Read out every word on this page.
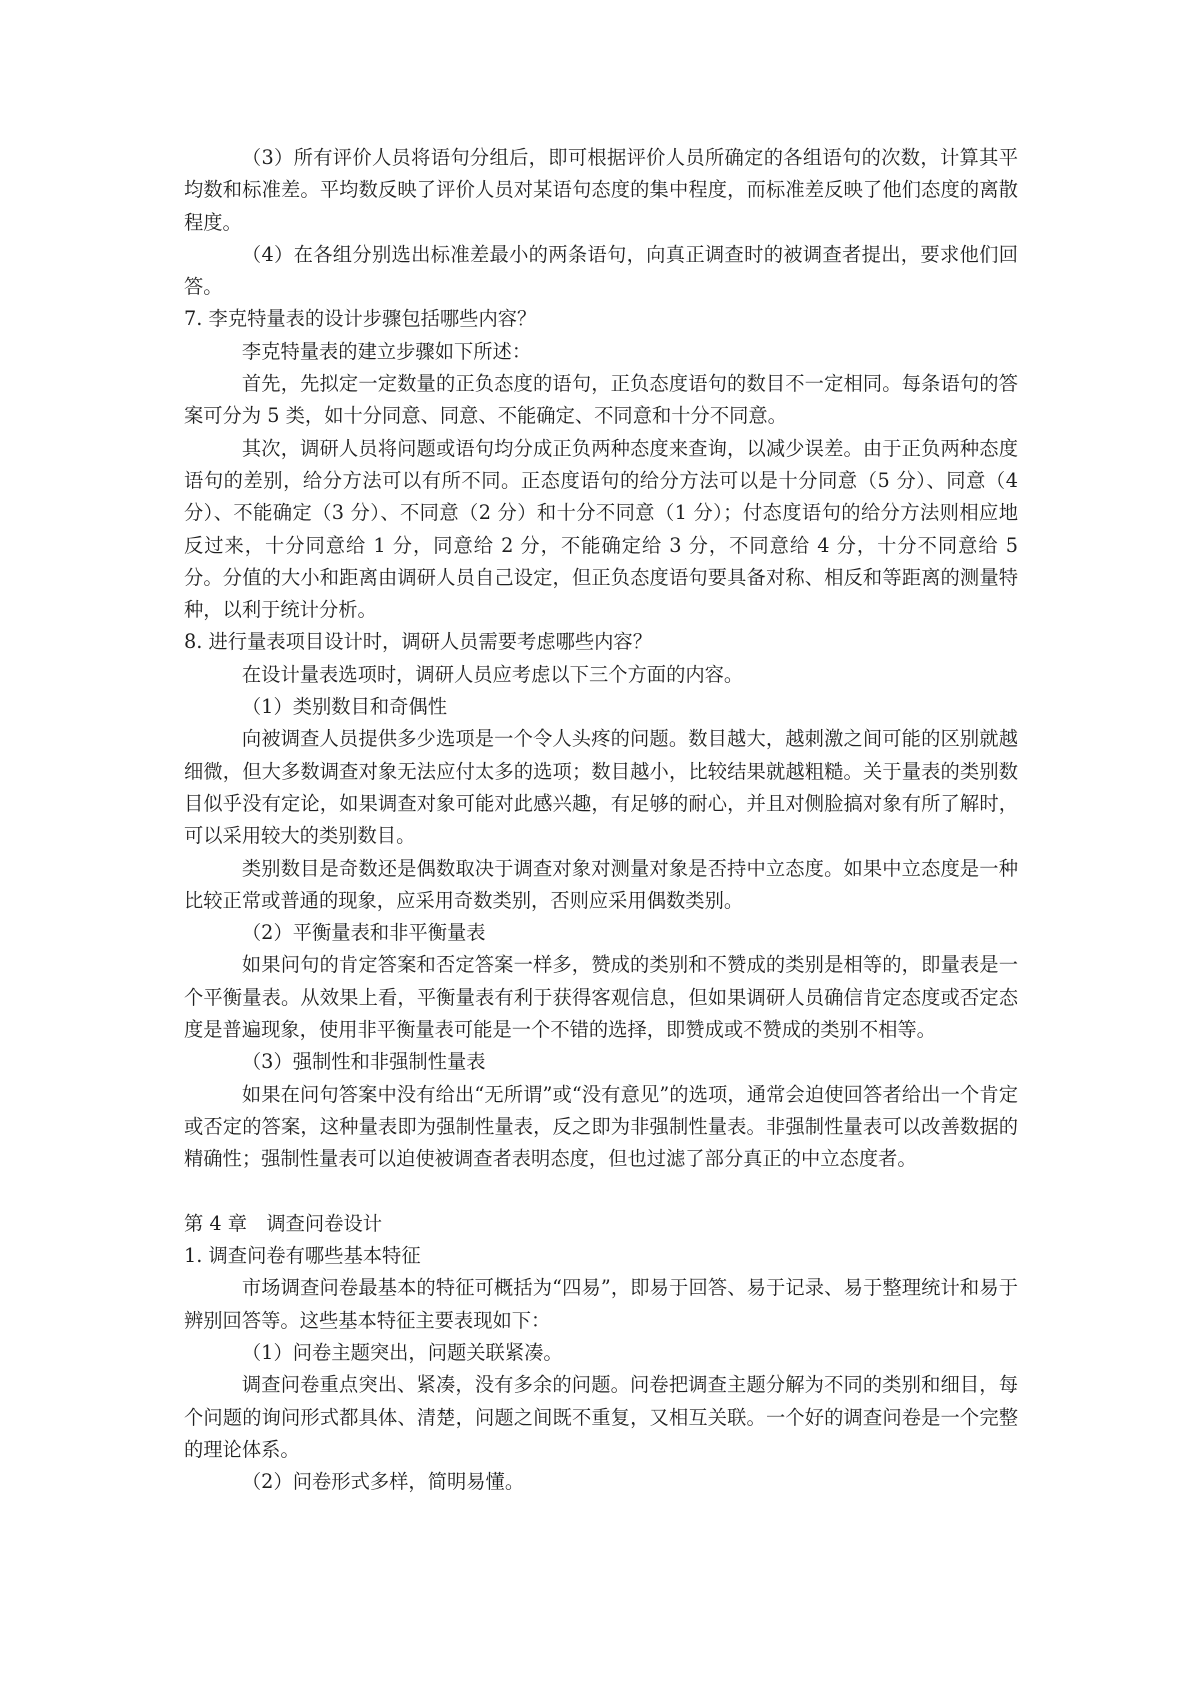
（3）所有评价人员将语句分组后，即可根据评价人员所确定的各组语句的次数，计算其平均数和标准差。平均数反映了评价人员对某语句态度的集中程度，而标准差反映了他们态度的离散程度。

（4）在各组分别选出标准差最小的两条语句，向真正调查时的被调查者提出，要求他们回答。

7. 李克特量表的设计步骤包括哪些内容？

李克特量表的建立步骤如下所述：

首先，先拟定一定数量的正负态度的语句，正负态度语句的数目不一定相同。每条语句的答案可分为 5 类，如十分同意、同意、不能确定、不同意和十分不同意。

其次，调研人员将问题或语句均分成正负两种态度来查询，以减少误差。由于正负两种态度语句的差别，给分方法可以有所不同。正态度语句的给分方法可以是十分同意（5 分）、同意（4 分）、不能确定（3 分）、不同意（2 分）和十分不同意（1 分）；付态度语句的给分方法则相应地反过来，十分同意给 1 分，同意给 2 分，不能确定给 3 分，不同意给 4 分，十分不同意给 5 分。分值的大小和距离由调研人员自己设定，但正负态度语句要具备对称、相反和等距离的测量特种，以利于统计分析。

8. 进行量表项目设计时，调研人员需要考虑哪些内容？

在设计量表选项时，调研人员应考虑以下三个方面的内容。

（1）类别数目和奇偶性

向被调查人员提供多少选项是一个令人头疼的问题。数目越大，越刺激之间可能的区别就越细微，但大多数调查对象无法应付太多的选项；数目越小，比较结果就越粗糙。关于量表的类别数目似乎没有定论，如果调查对象可能对此感兴趣，有足够的耐心，并且对侧脸搞对象有所了解时，可以采用较大的类别数目。

类别数目是奇数还是偶数取决于调查对象对测量对象是否持中立态度。如果中立态度是一种比较正常或普通的现象，应采用奇数类别，否则应采用偶数类别。

（2）平衡量表和非平衡量表

如果问句的肯定答案和否定答案一样多，赞成的类别和不赞成的类别是相等的，即量表是一个平衡量表。从效果上看，平衡量表有利于获得客观信息，但如果调研人员确信肯定态度或否定态度是普遍现象，使用非平衡量表可能是一个不错的选择，即赞成或不赞成的类别不相等。

（3）强制性和非强制性量表

如果在问句答案中没有给出“无所谓”或“没有意见”的选项，通常会迫使回答者给出一个肯定或否定的答案，这种量表即为强制性量表，反之即为非强制性量表。非强制性量表可以改善数据的精确性；强制性量表可以迫使被调查者表明态度，但也过滤了部分真正的中立态度者。

第 4 章　调查问卷设计

1. 调查问卷有哪些基本特征

市场调查问卷最基本的特征可概括为“四易”，即易于回答、易于记录、易于整理统计和易于辨别回答等。这些基本特征主要表现如下：

（1）问卷主题突出，问题关联紧凑。

调查问卷重点突出、紧凑，没有多余的问题。问卷把调查主题分解为不同的类别和细目，每个问题的询问形式都具体、清楚，问题之间既不重复，又相互关联。一个好的调查问卷是一个完整的理论体系。

（2）问卷形式多样，简明易懂。
